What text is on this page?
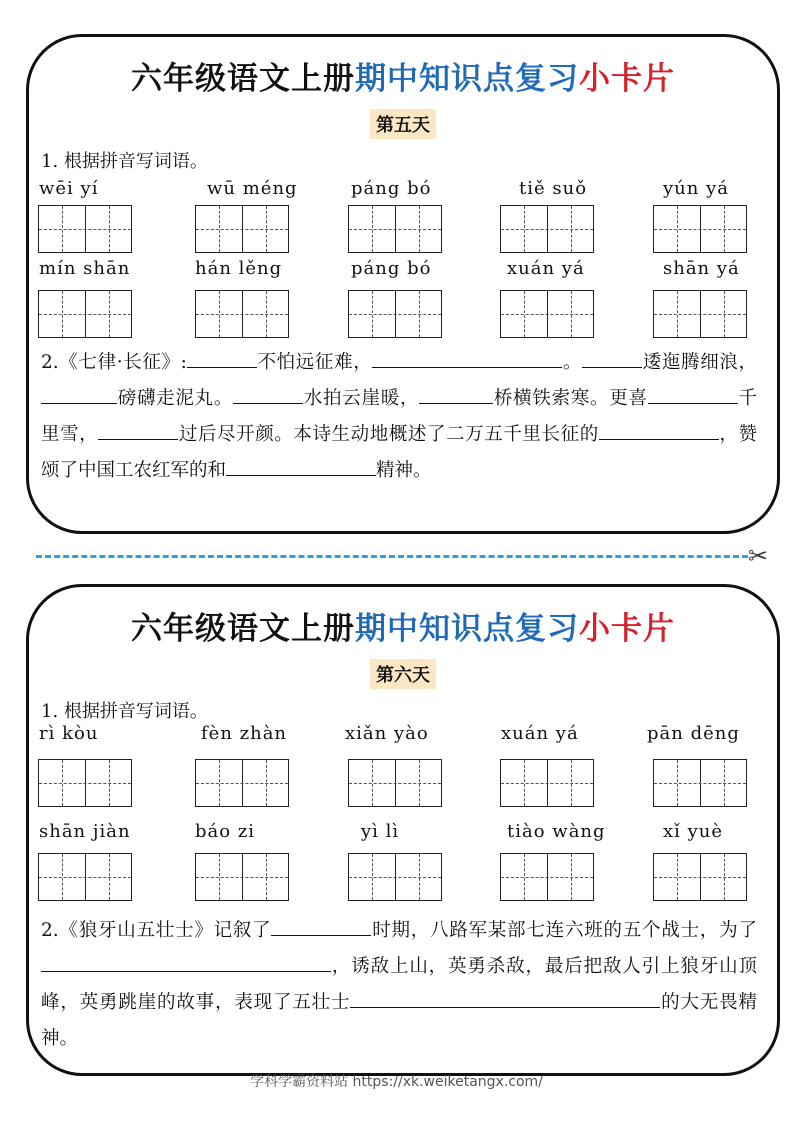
六年级语文上册期中知识点复习小卡片
第五天
1. 根据拼音写词语。
wēi yí	wū méng	páng bó	tiě suǒ	yún yá
mín shān	hán lěng	páng bó	xuán yá	shān yá
2.《七律·长征》:	不怕远征难，	。	逶迤腾细浪，磅礴走泥丸。	水拍云崖暖，	桥横铁索寒。更喜	千里雪，	过后尽开颜。本诗生动地概述了二万五千里长征的	，赞颂了中国工农红军的和	精神。
✂
六年级语文上册期中知识点复习小卡片
第六天
1. 根据拼音写词语。
rì kòu	fèn zhàn	xiǎn yào	xuán yá	pān dēng
shān jiàn	báo zi	yì lì	tiào wàng	xǐ yuè
2.《狼牙山五壮士》记叙了	时期，八路军某部七连六班的五个战士，为了，诱敌上山，英勇杀敌，最后把敌人引上狼牙山顶峰，英勇跳崖的故事，表现了五壮士	的大无畏精神。
学科学霸资料站 https://xk.weiketangx.com/
